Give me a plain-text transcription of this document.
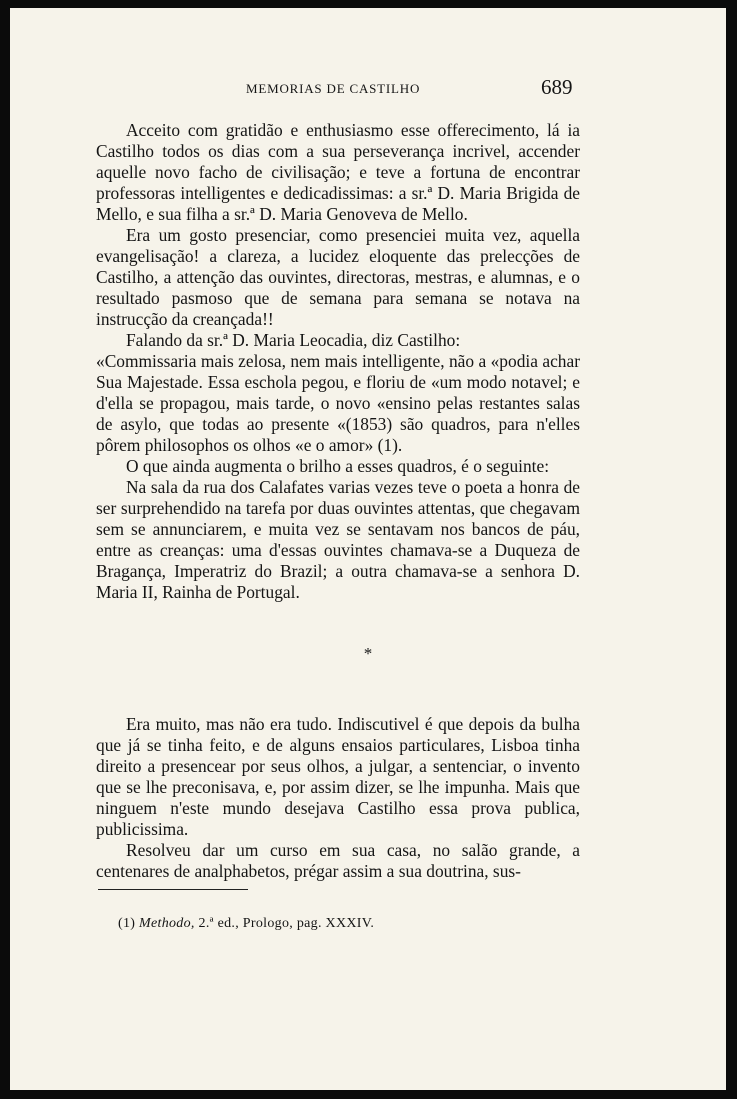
MEMORIAS DE CASTILHO	689

Acceito com gratidão e enthusiasmo esse offerecimento, lá ia Castilho todos os dias com a sua perseverança incrivel, accender aquelle novo facho de civilisação; e teve a fortuna de encontrar professoras intelligentes e dedicadissimas: a sr.ª D. Maria Brigida de Mello, e sua filha a sr.ª D. Maria Genoveva de Mello.

Era um gosto presenciar, como presenciei muita vez, aquella evangelisação! a clareza, a lucidez eloquente das prelecções de Castilho, a attenção das ouvintes, directoras, mestras, e alumnas, e o resultado pasmoso que de semana para semana se notava na instrucção da creançada!!

Falando da sr.ª D. Maria Leocadia, diz Castilho:

«Commissaria mais zelosa, nem mais intelligente, não a «podia achar Sua Majestade. Essa eschola pegou, e floriu de «um modo notavel; e d'ella se propagou, mais tarde, o novo «ensino pelas restantes salas de asylo, que todas ao presente «(1853) são quadros, para n'elles pôrem philosophos os olhos «e o amor» (1).

O que ainda augmenta o brilho a esses quadros, é o seguinte:

Na sala da rua dos Calafates varias vezes teve o poeta a honra de ser surprehendido na tarefa por duas ouvintes attentas, que chegavam sem se annunciarem, e muita vez se sentavam nos bancos de páu, entre as creanças: uma d'essas ouvintes chamava-se a Duqueza de Bragança, Imperatriz do Brazil; a outra chamava-se a senhora D. Maria II, Rainha de Portugal.

*

Era muito, mas não era tudo. Indiscutivel é que depois da bulha que já se tinha feito, e de alguns ensaios particulares, Lisboa tinha direito a presencear por seus olhos, a julgar, a sentenciar, o invento que se lhe preconisava, e, por assim dizer, se lhe impunha. Mais que ninguem n'este mundo desejava Castilho essa prova publica, publicissima.

Resolveu dar um curso em sua casa, no salão grande, a centenares de analphabetos, prégar assim a sua doutrina, sus-

(1) Methodo, 2.ª ed., Prologo, pag. XXXIV.
